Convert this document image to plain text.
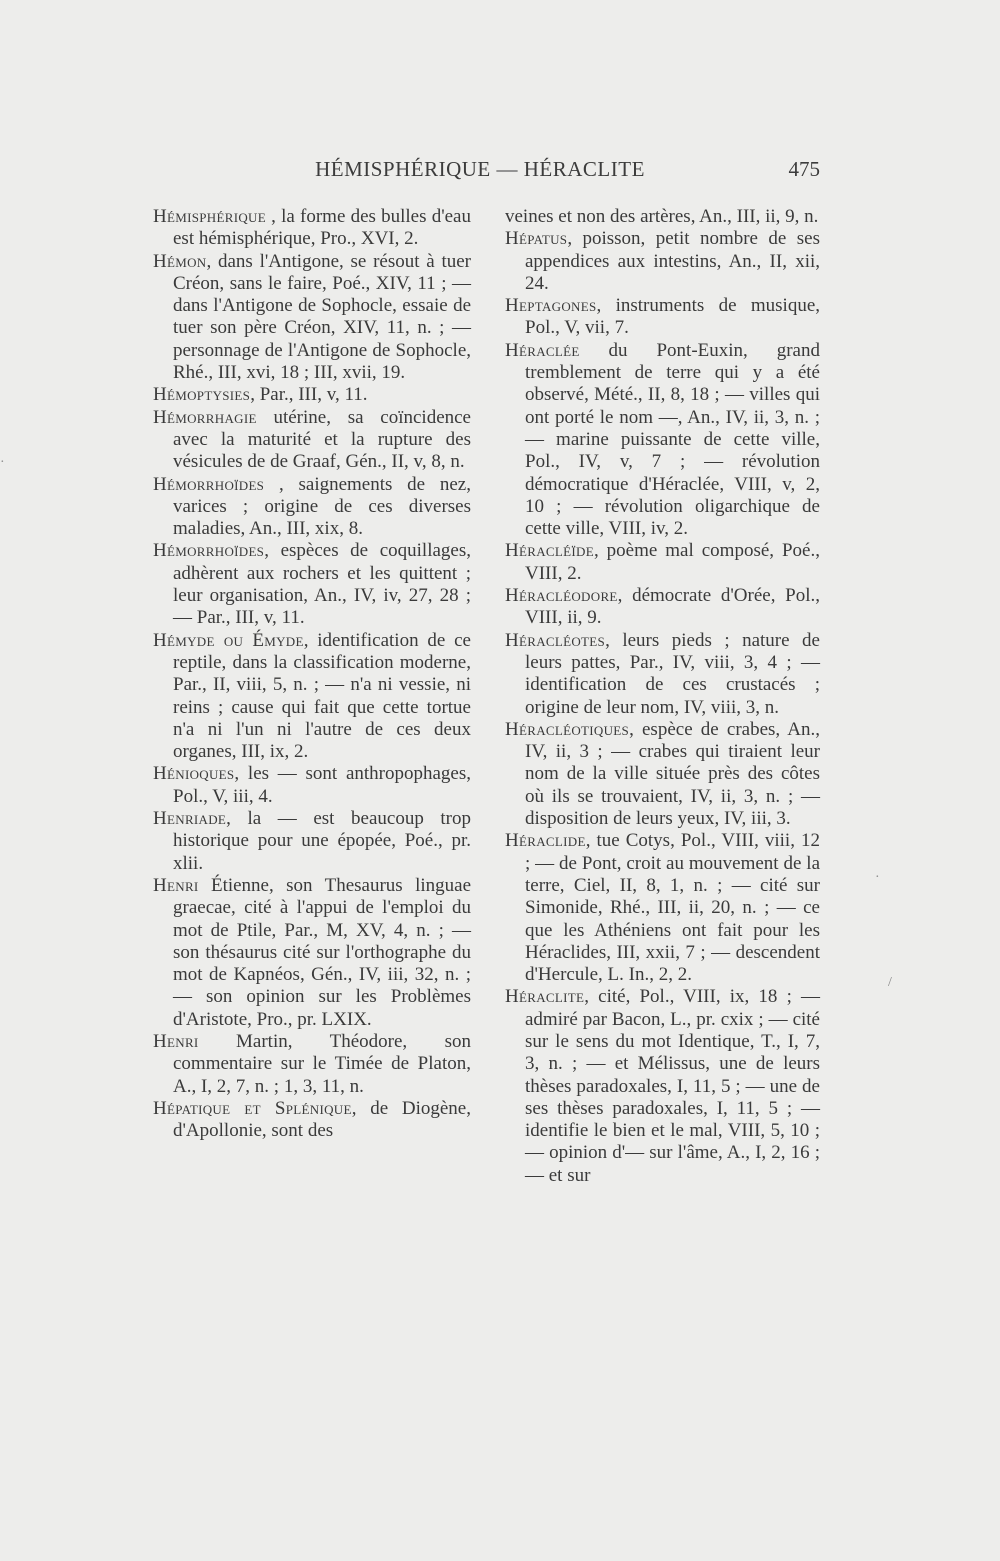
HÉMISPHÉRIQUE — HÉRACLITE	475

Hémisphérique , la forme des bulles d'eau est hémisphérique, Pro., XVI, 2.

Hémon, dans l'Antigone, se résout à tuer Créon, sans le faire, Poé., XIV, 11 ; — dans l'Antigone de Sophocle, essaie de tuer son père Créon, XIV, 11, n. ; — personnage de l'Antigone de Sophocle, Rhé., III, xvi, 18 ; III, xvii, 19.

Hémoptysies, Par., III, v, 11.

Hémorrhagie utérine, sa coïncidence avec la maturité et la rupture des vésicules de de Graaf, Gén., II, v, 8, n.

Hémorrhoïdes , saignements de nez, varices ; origine de ces diverses maladies, An., III, xix, 8.

Hémorrhoïdes, espèces de coquillages, adhèrent aux rochers et les quittent ; leur organisation, An., IV, iv, 27, 28 ; — Par., III, v, 11.

Hémyde ou Émyde, identification de ce reptile, dans la classification moderne, Par., II, viii, 5, n. ; — n'a ni vessie, ni reins ; cause qui fait que cette tortue n'a ni l'un ni l'autre de ces deux organes, III, ix, 2.

Hénioques, les — sont anthropophages, Pol., V, iii, 4.

Henriade, la — est beaucoup trop historique pour une épopée, Poé., pr. xlii.

Henri Étienne, son Thesaurus linguae graecae, cité à l'appui de l'emploi du mot de Ptile, Par., M, XV, 4, n. ; — son thésaurus cité sur l'orthographe du mot de Kapnéos, Gén., IV, iii, 32, n. ; — son opinion sur les Problèmes d'Aristote, Pro., pr. LXIX.

Henri Martin, Théodore, son commentaire sur le Timée de Platon, A., I, 2, 7, n. ; 1, 3, 11, n.

Hépatique et Splénique, de Diogène, d'Apollonie, sont des

veines et non des artères, An., III, ii, 9, n.

Hépatus, poisson, petit nombre de ses appendices aux intestins, An., II, xii, 24.

Heptagones, instruments de musique, Pol., V, vii, 7.

Héraclée du Pont-Euxin, grand tremblement de terre qui y a été observé, Mété., II, 8, 18 ; — villes qui ont porté le nom —, An., IV, ii, 3, n. ; — marine puissante de cette ville, Pol., IV, v, 7 ; — révolution démocratique d'Héraclée, VIII, v, 2, 10 ; — révolution oligarchique de cette ville, VIII, iv, 2.

Héracléïde, poème mal composé, Poé., VIII, 2.

Héracléodore, démocrate d'Orée, Pol., VIII, ii, 9.

Héracléotes, leurs pieds ; nature de leurs pattes, Par., IV, viii, 3, 4 ; — identification de ces crustacés ; origine de leur nom, IV, viii, 3, n.

Héracléotiques, espèce de crabes, An., IV, ii, 3 ; — crabes qui tiraient leur nom de la ville située près des côtes où ils se trouvaient, IV, ii, 3, n. ; — disposition de leurs yeux, IV, iii, 3.

Héraclide, tue Cotys, Pol., VIII, viii, 12 ; — de Pont, croit au mouvement de la terre, Ciel, II, 8, 1, n. ; — cité sur Simonide, Rhé., III, ii, 20, n. ; — ce que les Athéniens ont fait pour les Héraclides, III, xxii, 7 ; — descendent d'Hercule, L. In., 2, 2.

Héraclite, cité, Pol., VIII, ix, 18 ; — admiré par Bacon, L., pr. cxix ; — cité sur le sens du mot Identique, T., I, 7, 3, n. ; — et Mélissus, une de leurs thèses paradoxales, I, 11, 5 ; — une de ses thèses paradoxales, I, 11, 5 ; — identifie le bien et le mal, VIII, 5, 10 ; — opinion d'— sur l'âme, A., I, 2, 16 ; — et sur

·
/
·
